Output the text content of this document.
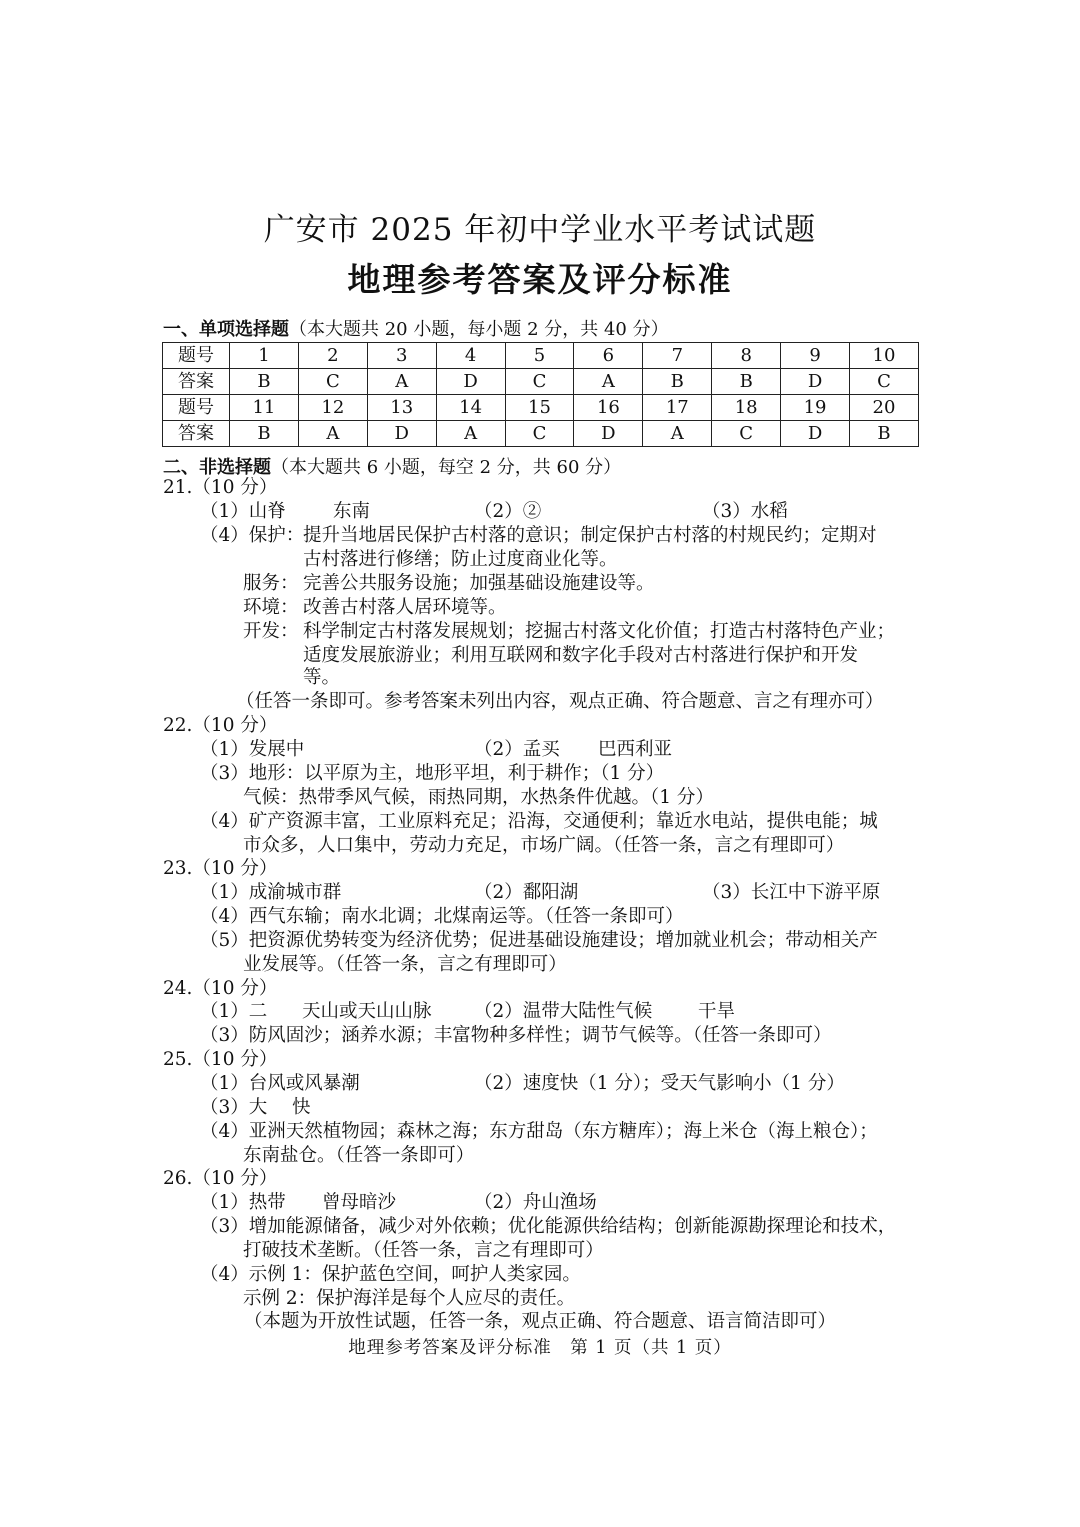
广安市 2025 年初中学业水平考试试题
地理参考答案及评分标准
一、单项选择题（本大题共 20 小题，每小题 2 分，共 40 分）
题号	1	2	3	4	5	6	7	8	9	10
答案	B	C	A	D	C	A	B	B	D	C
题号	11	12	13	14	15	16	17	18	19	20
答案	B	A	D	A	C	D	A	C	D	B
二、非选择题（本大题共 6 小题，每空 2 分，共 60 分）
21.（10 分）
（1）山脊	东南	（2）②	（3）水稻
（4）保护：
提升当地居民保护古村落的意识；制定保护古村落的村规民约；定期对
古村落进行修缮；防止过度商业化等。
服务： 完善公共服务设施；加强基础设施建设等。
环境： 改善古村落人居环境等。
开发： 科学制定古村落发展规划；挖掘古村落文化价值；打造古村落特色产业；
适度发展旅游业；利用互联网和数字化手段对古村落进行保护和开发
等。
（任答一条即可。参考答案未列出内容，观点正确、符合题意、言之有理亦可）
22.（10 分）
（1）发展中	（2）孟买 巴西利亚
（3）地形：以平原为主，地形平坦，利于耕作；（1 分）
气候：热带季风气候，雨热同期，水热条件优越。（1 分）
（4）矿产资源丰富，工业原料充足；沿海，交通便利；靠近水电站，提供电能；城
市众多，人口集中，劳动力充足，市场广阔。（任答一条，言之有理即可）
23.（10 分）
（1）成渝城市群	（2）鄱阳湖	（3）长江中下游平原
（4）西气东输；南水北调；北煤南运等。（任答一条即可）
（5）把资源优势转变为经济优势；促进基础设施建设；增加就业机会；带动相关产
业发展等。（任答一条，言之有理即可）
24.（10 分）
（1）二 天山或天山山脉 （2）温带大陆性气候 干旱
（3）防风固沙；涵养水源；丰富物种多样性；调节气候等。（任答一条即可）
25.（10 分）
（1）台风或风暴潮	（2）速度快（1 分）；受天气影响小（1 分）
（3）大 快
（4）亚洲天然植物园；森林之海；东方甜岛（东方糖库）；海上米仓（海上粮仓）；
东南盐仓。（任答一条即可）
26.（10 分）
（1）热带 曾母暗沙	（2）舟山渔场
（3）增加能源储备，减少对外依赖；优化能源供给结构；创新能源勘探理论和技术，
打破技术垄断。（任答一条，言之有理即可）
（4）示例 1：保护蓝色空间，呵护人类家园。
示例 2：保护海洋是每个人应尽的责任。
（本题为开放性试题，任答一条，观点正确、符合题意、语言简洁即可）
地理参考答案及评分标准　第 1 页（共 1 页）
